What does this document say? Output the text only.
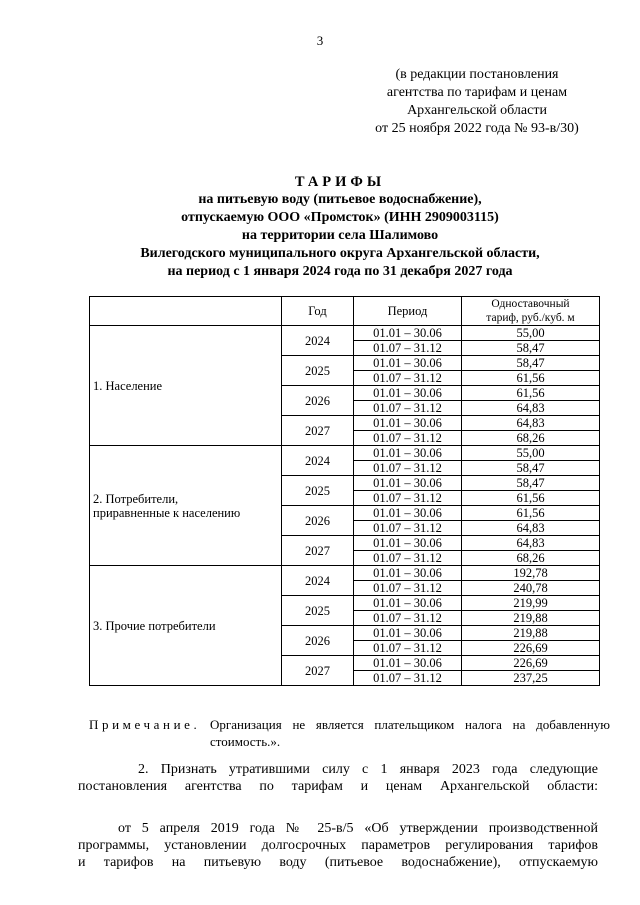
3
(в редакции постановления
агентства по тарифам и ценам
Архангельской области
от 25 ноября 2022 года № 93-в/30)
ТАРИФЫ
на питьевую воду (питьевое водоснабжение),
отпускаемую ООО «Промсток» (ИНН 2909003115)
на территории села Шалимово
Вилегодского муниципального округа Архангельской области,
на период с 1 января 2024 года по 31 декабря 2027 года
	Год	Период	Одноставочный
тариф, руб./куб. м
1. Население	2024	01.01 – 30.06	55,00
		01.07 – 31.12	58,47
	2025	01.01 – 30.06	58,47
		01.07 – 31.12	61,56
	2026	01.01 – 30.06	61,56
		01.07 – 31.12	64,83
	2027	01.01 – 30.06	64,83
		01.07 – 31.12	68,26
2. Потребители,
приравненные к населению	2024	01.01 – 30.06	55,00
		01.07 – 31.12	58,47
	2025	01.01 – 30.06	58,47
		01.07 – 31.12	61,56
	2026	01.01 – 30.06	61,56
		01.07 – 31.12	64,83
	2027	01.01 – 30.06	64,83
		01.07 – 31.12	68,26
3. Прочие потребители	2024	01.01 – 30.06	192,78
		01.07 – 31.12	240,78
	2025	01.01 – 30.06	219,99
		01.07 – 31.12	219,88
	2026	01.01 – 30.06	219,88
		01.07 – 31.12	226,69
	2027	01.01 – 30.06	226,69
		01.07 – 31.12	237,25
Примечание. Организация не является плательщиком налога на добавленную
стоимость.».
2. Признать утратившими силу с 1 января 2023 года следующие
постановления агентства по тарифам и ценам Архангельской области:
от 5 апреля 2019 года № 25-в/5 «Об утверждении производственной
программы, установлении долгосрочных параметров регулирования тарифов
и тарифов на питьевую воду (питьевое водоснабжение), отпускаемую
